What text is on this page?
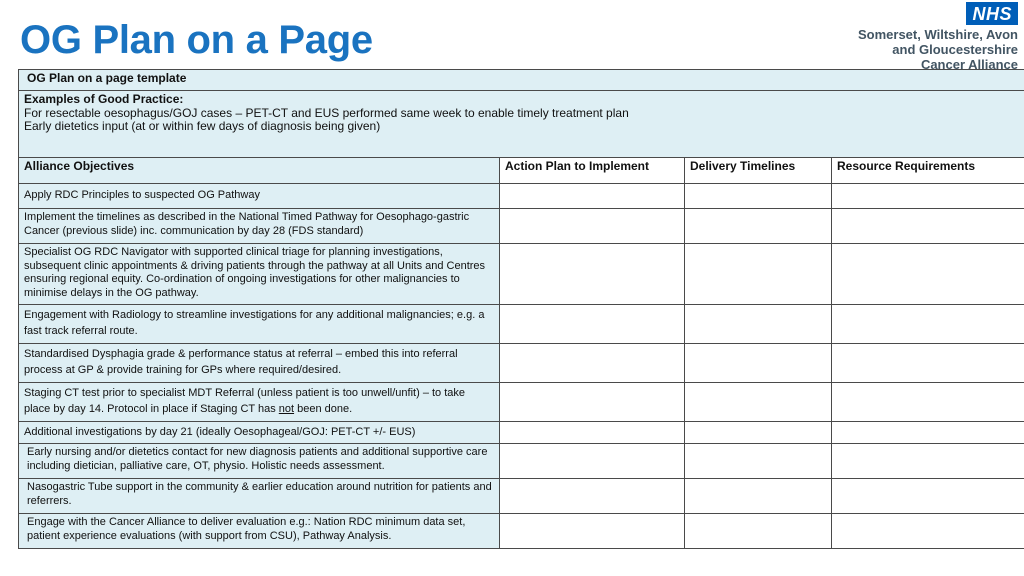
OG Plan on a Page
NHS
Somerset, Wiltshire, Avon
and Gloucestershire
Cancer Alliance
OG Plan on a page template			

Examples of Good Practice:
For resectable oesophagus/GOJ cases – PET-CT and EUS performed same week to enable timely treatment plan
Early dietetics input (at or within few days of diagnosis being given)			

Alliance Objectives	Action Plan to Implement	Delivery Timelines	Resource Requirements
Apply RDC Principles to suspected OG Pathway			
Implement the timelines as described in the National Timed Pathway for Oesophago-gastric Cancer (previous slide) inc. communication by day 28 (FDS standard)			
Specialist OG RDC Navigator with supported clinical triage for planning investigations, subsequent clinic appointments & driving patients through the pathway at all Units and Centres ensuring regional equity. Co-ordination of ongoing investigations for other malignancies to minimise delays in the OG pathway.			
Engagement with Radiology to streamline investigations for any additional malignancies; e.g. a fast track referral route.			
Standardised Dysphagia grade & performance status at referral – embed this into referral process at GP & provide training for GPs where required/desired.			
Staging CT test prior to specialist MDT Referral (unless patient is too unwell/unfit) – to take place by day 14. Protocol in place if Staging CT has not been done.			
Additional investigations by day 21 (ideally Oesophageal/GOJ: PET-CT +/- EUS)			
Early nursing and/or dietetics contact for new diagnosis patients and additional supportive care including dietician, palliative care, OT, physio. Holistic needs assessment.			
Nasogastric Tube support in the community & earlier education around nutrition for patients and referrers.			
Engage with the Cancer Alliance to deliver evaluation e.g.: Nation RDC minimum data set, patient experience evaluations (with support from CSU), Pathway Analysis.			
